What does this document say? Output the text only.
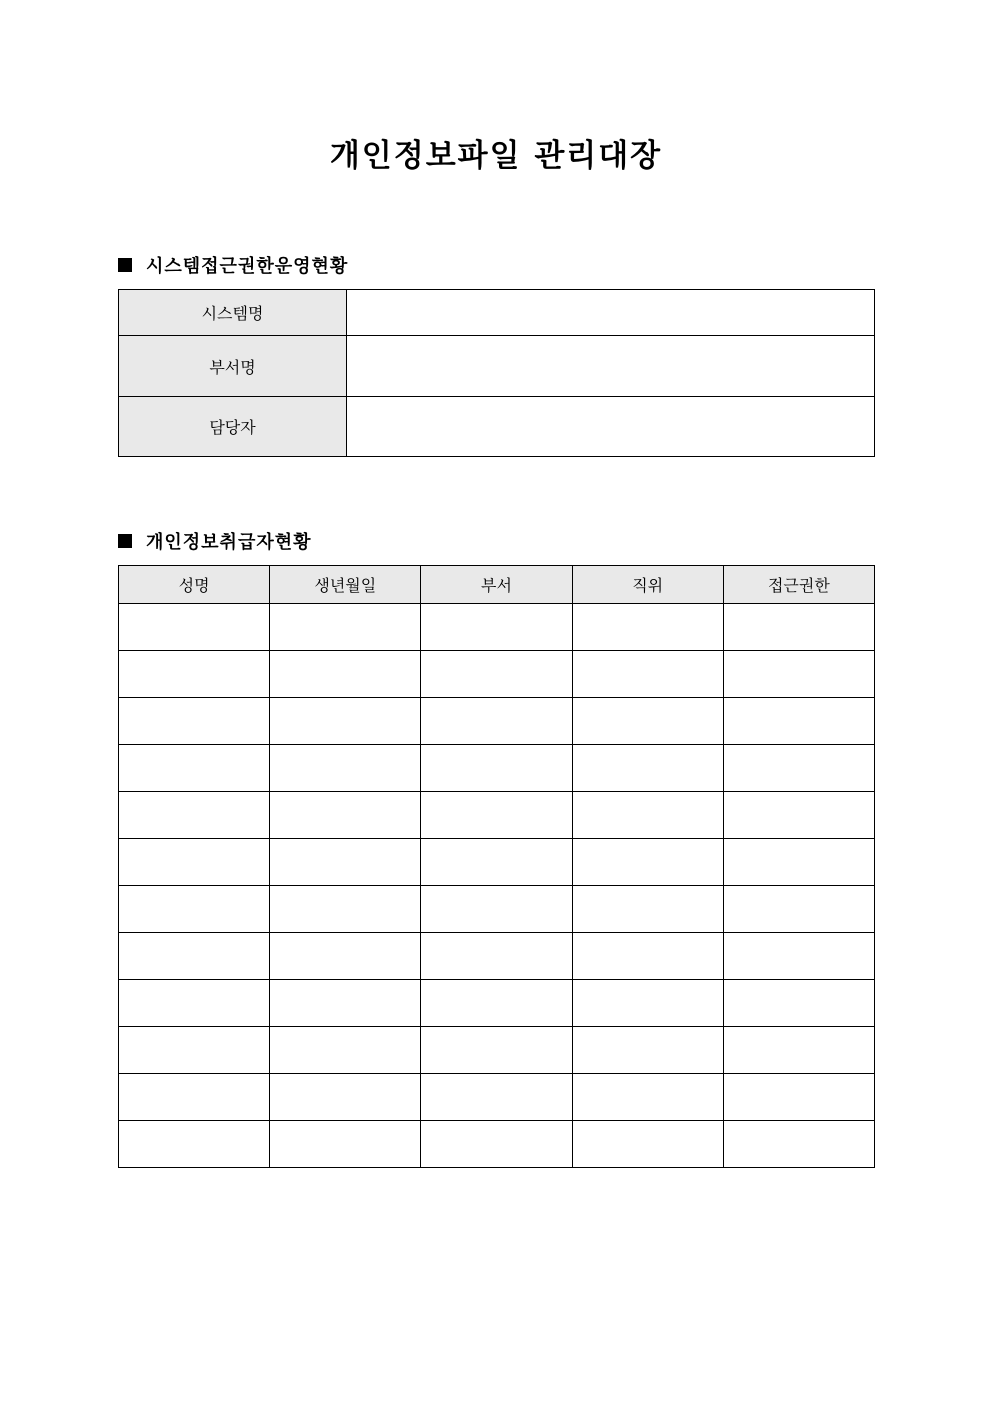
개인정보파일 관리대장
시스템접근권한운영현황
시스템명	
부서명	
담당자	
개인정보취급자현황
성명	생년월일	부서	직위	접근권한
